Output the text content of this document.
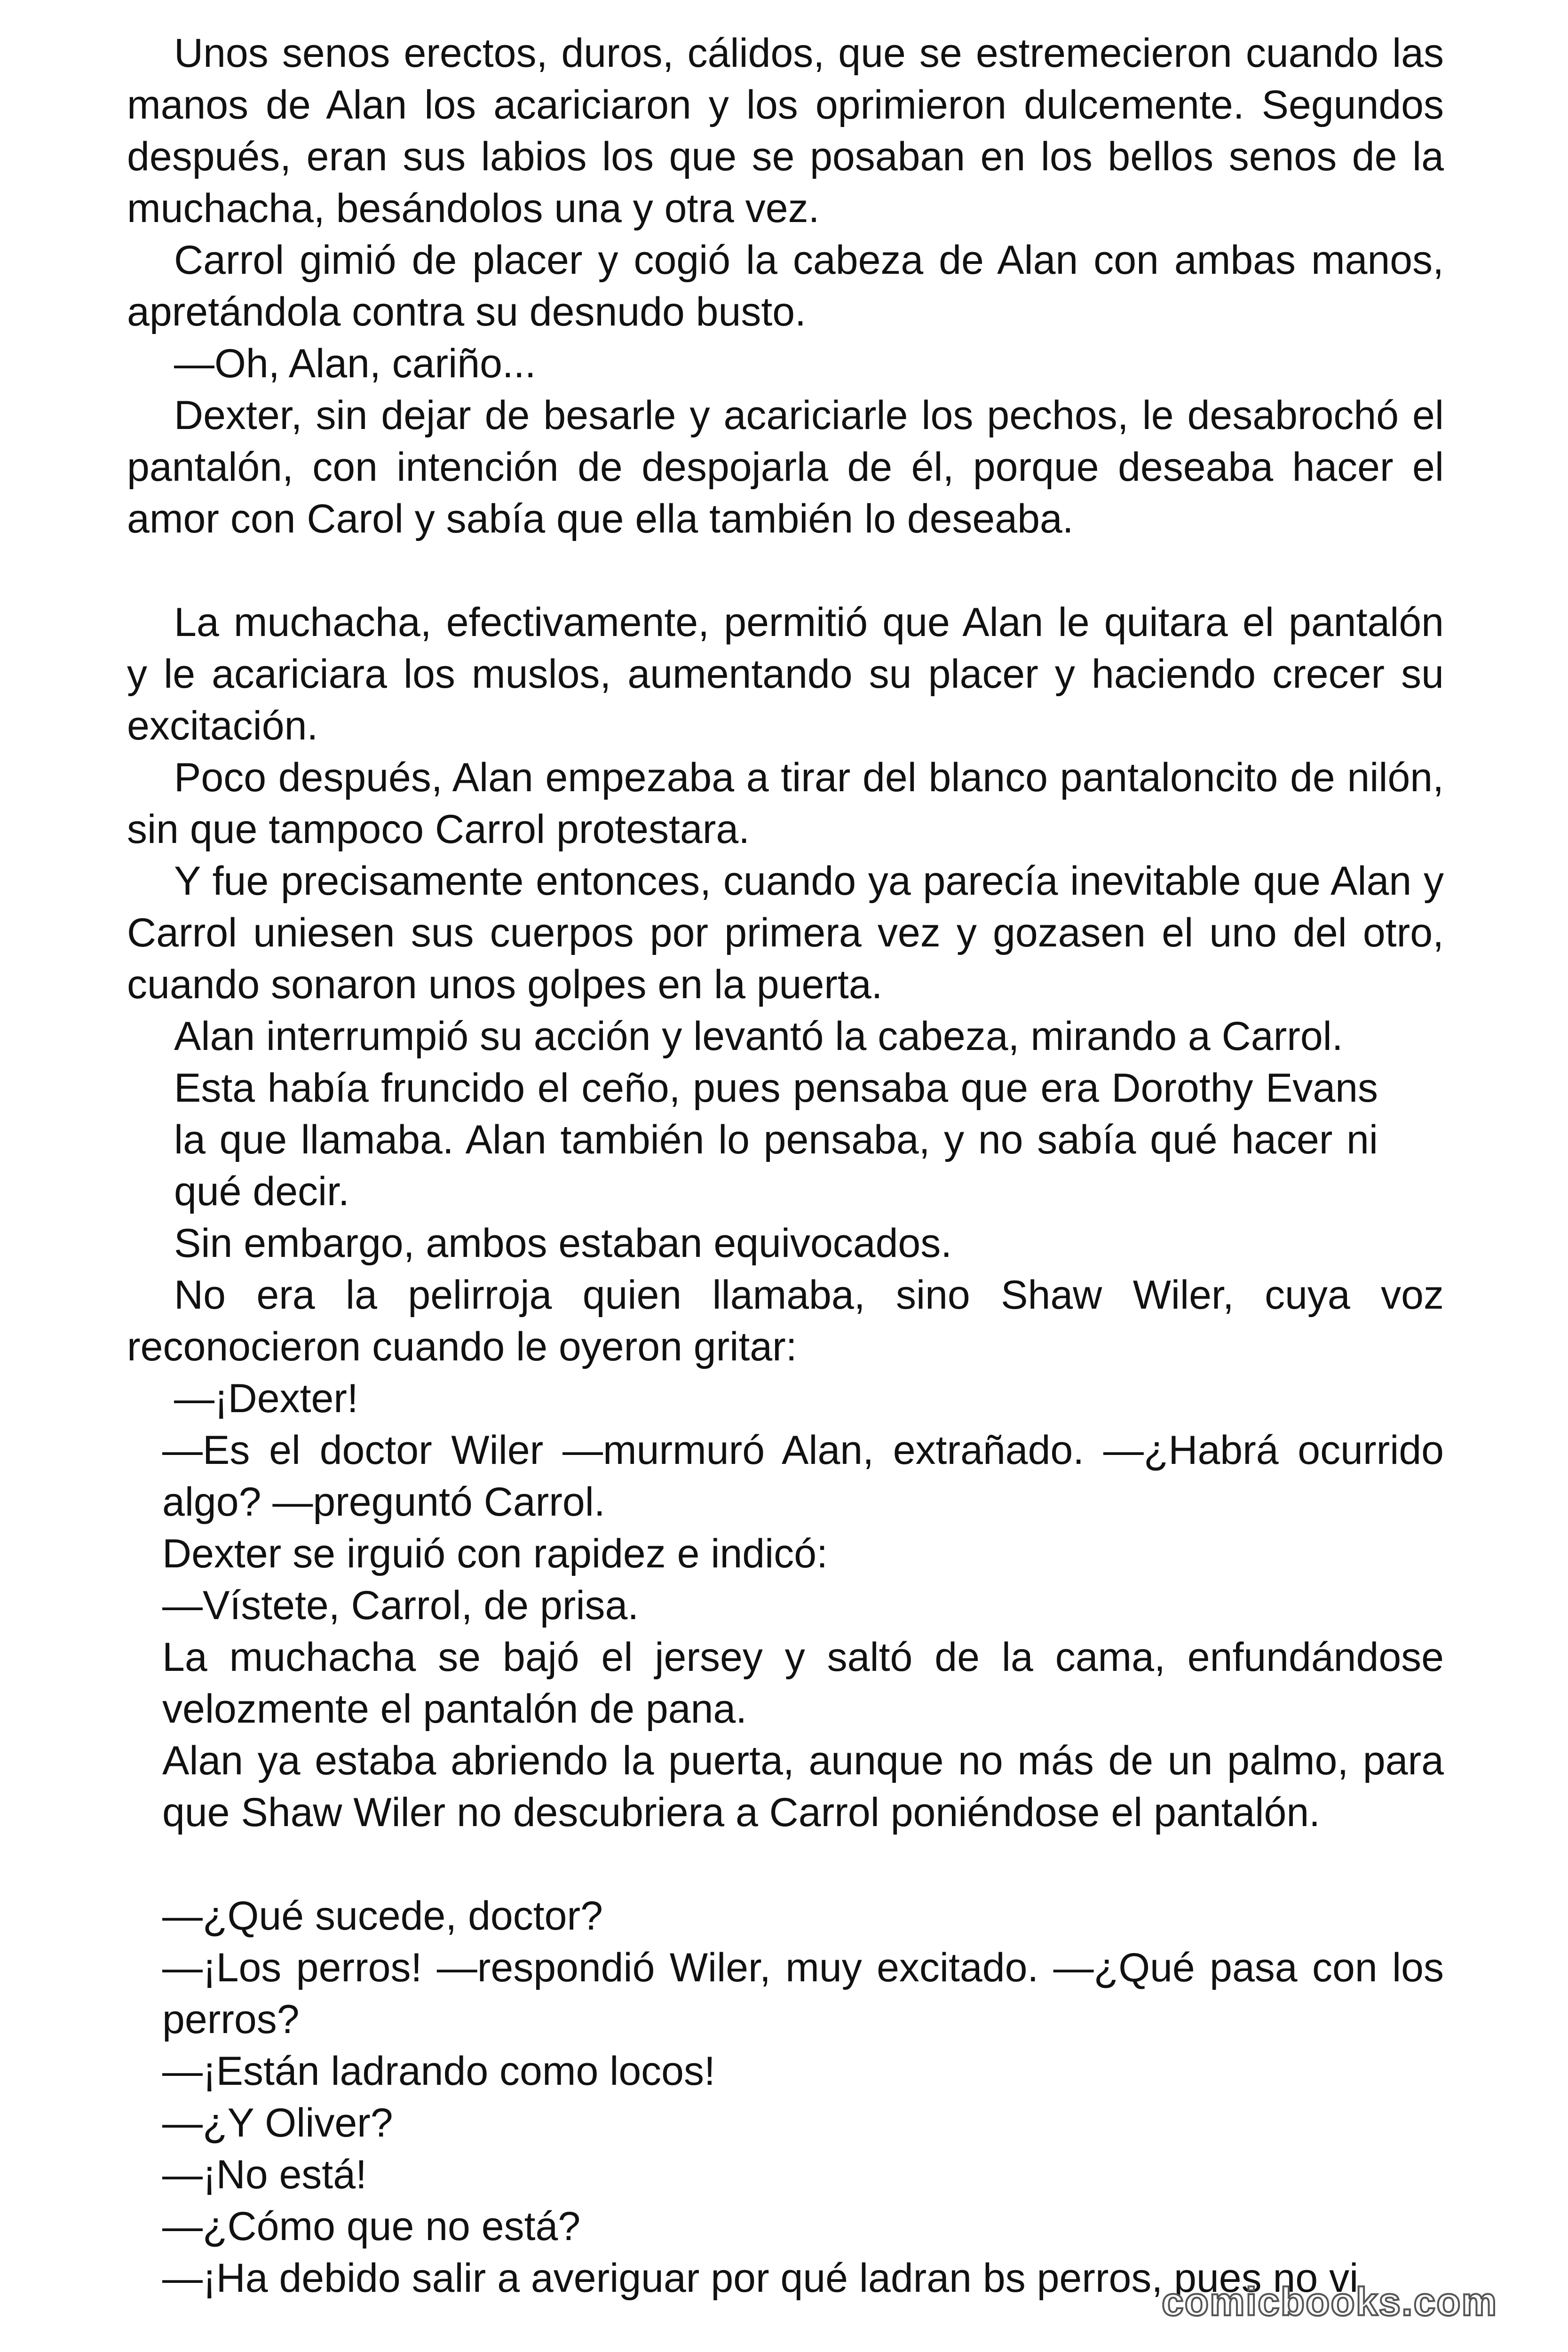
Unos senos erectos, duros, cálidos, que se estremecieron cuando las manos de Alan los acariciaron y los oprimieron dulcemente. Segundos después, eran sus labios los que se posaban en los bellos senos de la muchacha, besándolos una y otra vez.

Carrol gimió de placer y cogió la cabeza de Alan con ambas manos, apretándola contra su desnudo busto.

—Oh, Alan, cariño...

Dexter, sin dejar de besarle y acariciarle los pechos, le desabrochó el pantalón, con intención de despojarla de él, porque deseaba hacer el amor con Carol y sabía que ella también lo deseaba.

La muchacha, efectivamente, permitió que Alan le quitara el pantalón y le acariciara los muslos, aumentando su placer y haciendo crecer su excitación.

Poco después, Alan empezaba a tirar del blanco pantaloncito de nilón, sin que tampoco Carrol protestara.

Y fue precisamente entonces, cuando ya parecía inevitable que Alan y Carrol uniesen sus cuerpos por primera vez y gozasen el uno del otro, cuando sonaron unos golpes en la puerta.

Alan interrumpió su acción y levantó la cabeza, mirando a Carrol.

Esta había fruncido el ceño, pues pensaba que era Dorothy Evans la que llamaba. Alan también lo pensaba, y no sabía qué hacer ni qué decir.

Sin embargo, ambos estaban equivocados.

No era la pelirroja quien llamaba, sino Shaw Wiler, cuya voz reconocieron cuando le oyeron gritar:

—¡Dexter!

—Es el doctor Wiler —murmuró Alan, extrañado. —¿Habrá ocurrido algo? —preguntó Carrol.

Dexter se irguió con rapidez e indicó:

—Vístete, Carrol, de prisa.

La muchacha se bajó el jersey y saltó de la cama, enfundándose velozmente el pantalón de pana.

Alan ya estaba abriendo la puerta, aunque no más de un palmo, para que Shaw Wiler no descubriera a Carrol poniéndose el pantalón.

—¿Qué sucede, doctor?

—¡Los perros! —respondió Wiler, muy excitado. —¿Qué pasa con los perros?

—¡Están ladrando como locos!

—¿Y Oliver?

—¡No está!

—¿Cómo que no está?

—¡Ha debido salir a averiguar por qué ladran bs perros, pues no vi

comicbooks.com
